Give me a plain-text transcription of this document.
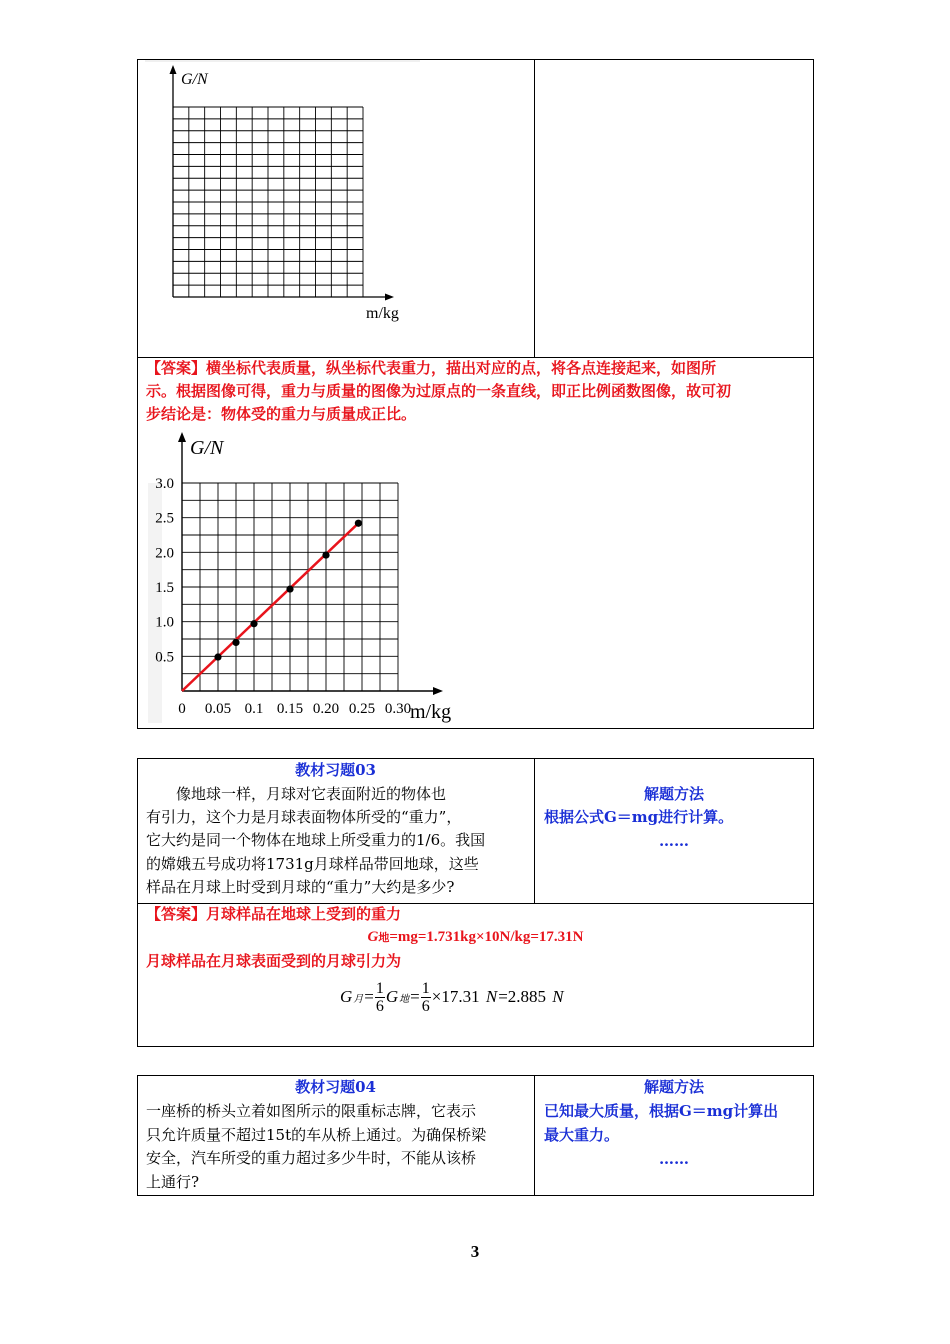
G/N
m/kg
【答案】横坐标代表质量，纵坐标代表重力，描出对应的点，将各点连接起来，如图所
示。根据图像可得，重力与质量的图像为过原点的一条直线，即正比例函数图像，故可初
步结论是：物体受的重力与质量成正比。
0 0.05 0.1 0.15 0.20 0.25 0.30
0.5
1.0
1.5
2.0
2.5
3.0
G/N
m/kg
教材习题03
像地球一样，月球对它表面附近的物体也
有引力，这个力是月球表面物体所受的“重力”，
它大约是同一个物体在地球上所受重力的1/6。我国
的嫦娥五号成功将1731g月球样品带回地球，这些
样品在月球上时受到月球的“重力”大约是多少?
解题方法
根据公式G＝mg进行计算。
……
【答案】月球样品在地球上受到的重力
G地=mg=1.731kg×10N/kg=17.31N
月球样品在月球表面受到的月球引力为
G 月 = $\frac{1}{6}$ G 地 = $\frac{1}{6} \times 17.31$
N =2.885
N
教材习题04
一座桥的桥头立着如图所示的限重标志牌，它表示
只允许质量不超过15t的车从桥上通过。为确保桥梁
安全，汽车所受的重力超过多少牛时，不能从该桥
上通行?
解题方法
已知最大质量，根据G＝mg计算出
最大重力。
……
3
